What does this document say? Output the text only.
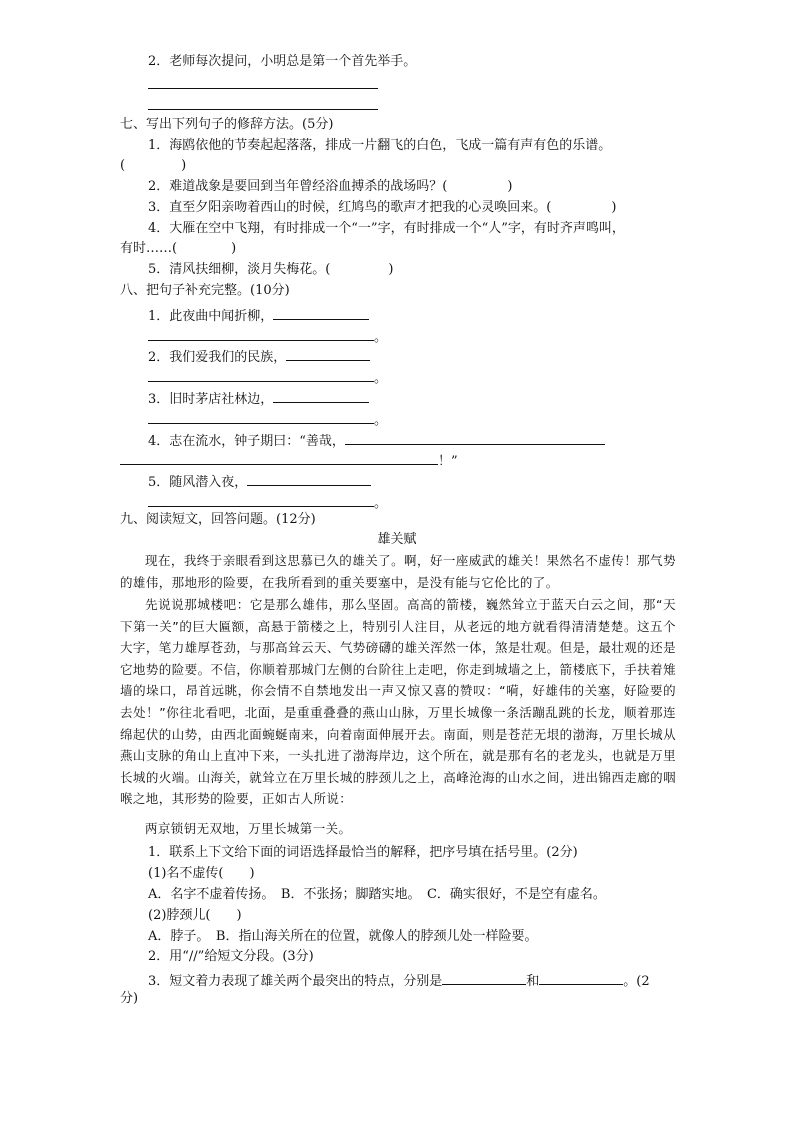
2．老师每次提问，小明总是第一个首先举手。
七、写出下列句子的修辞方法。(5分)
1．海鸥依他的节奏起起落落，排成一片翻飞的白色，飞成一篇有声有色的乐谱。
(	)
2．难道战象是要回到当年曾经浴血搏杀的战场吗？(	)
3．直至夕阳亲吻着西山的时候，红鸠鸟的歌声才把我的心灵唤回来。(	)
4．大雁在空中飞翔，有时排成一个“一”字，有时排成一个“人”字，有时齐声鸣叫，
有时……(	)
5．清风扶细柳，淡月失梅花。(	)
八、把句子补充完整。(10分)
1．此夜曲中闻折柳，
。
2．我们爱我们的民族，
。
3．旧时茅店社林边，
。
4．志在流水，钟子期曰：“善哉，
！”
5．随风潜入夜，
。
九、阅读短文，回答问题。(12分)
雄关赋
现在，我终于亲眼看到这思慕已久的雄关了。啊，好一座威武的雄关！果然名不虚传！那气势的雄伟，那地形的险要，在我所看到的重关要塞中，是没有能与它伦比的了。
先说说那城楼吧：它是那么雄伟，那么坚固。高高的箭楼，巍然耸立于蓝天白云之间，那“天下第一关”的巨大匾额，高悬于箭楼之上，特别引人注目，从老远的地方就看得清清楚楚。这五个大字，笔力雄厚苍劲，与那高耸云天、气势磅礴的雄关浑然一体，煞是壮观。但是，最壮观的还是它地势的险要。不信，你顺着那城门左侧的台阶往上走吧，你走到城墙之上，箭楼底下，手扶着雉墙的垛口，昂首远眺，你会情不自禁地发出一声又惊又喜的赞叹：“嗬，好雄伟的关塞，好险要的去处！”你往北看吧，北面，是重重叠叠的燕山山脉，万里长城像一条活蹦乱跳的长龙，顺着那连绵起伏的山势，由西北面蜿蜒南来，向着南面伸展开去。南面，则是苍茫无垠的渤海，万里长城从燕山支脉的角山上直冲下来，一头扎进了渤海岸边，这个所在，就是那有名的老龙头，也就是万里长城的火端。山海关，就耸立在万里长城的脖颈儿之上，高峰沧海的山水之间，进出锦西走廊的咽喉之地，其形势的险要，正如古人所说：
两京锁钥无双地，万里长城第一关。
1．联系上下文给下面的词语选择最恰当的解释，把序号填在括号里。(2分)
(1)名不虚传(　　)
A．名字不虚着传扬。　B．不张扬；脚踏实地。　C．确实很好，不是空有虚名。
(2)脖颈儿(　　)
A．脖子。　B．指山海关所在的位置，就像人的脖颈儿处一样险要。
2．用“//”给短文分段。(3分)
3．短文着力表现了雄关两个最突出的特点，分别是	和	。(2
分)
